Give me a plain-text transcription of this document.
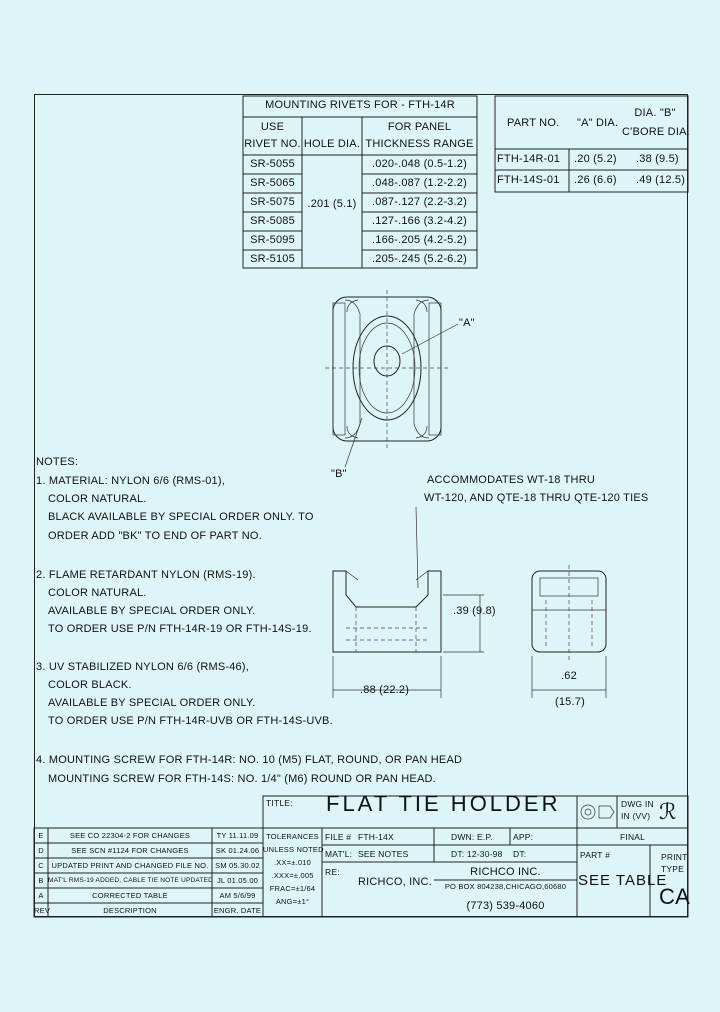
MOUNTING RIVETS FOR - FTH-14R
USE
RIVET NO. HOLE DIA.
FOR PANEL
THICKNESS RANGE
.201 (5.1)
SR-5055	.020-.048 (0.5-1.2)
SR-5065	.048-.087 (1.2-2.2)
SR-5075	.087-.127 (2.2-3.2)
SR-5085	.127-.166 (3.2-4.2)
SR-5095	.166-.205 (4.2-5.2)
SR-5105	.205-.245 (5.2-6.2)
PART NO. "A" DIA.
DIA. "B"
C'BORE DIA.
FTH-14R-01 .20 (5.2) .38 (9.5)
FTH-14S-01 .26 (6.6) .49 (12.5)
"A"
"B"	ACCOMMODATES WT-18 THRU
WT-120, AND QTE-18 THRU QTE-120 TIES
.39 (9.8)
.88 (22.2)
.62
(15.7)
NOTES:
1. MATERIAL: NYLON 6/6 (RMS-01),
COLOR NATURAL.
BLACK AVAILABLE BY SPECIAL ORDER ONLY. TO
ORDER ADD "BK" TO END OF PART NO.
2. FLAME RETARDANT NYLON (RMS-19).
COLOR NATURAL.
AVAILABLE BY SPECIAL ORDER ONLY.
TO ORDER USE P/N FTH-14R-19 OR FTH-14S-19.
3. UV STABILIZED NYLON 6/6 (RMS-46),
COLOR BLACK.
AVAILABLE BY SPECIAL ORDER ONLY.
TO ORDER USE P/N FTH-14R-UVB OR FTH-14S-UVB.
4. MOUNTING SCREW FOR FTH-14R: NO. 10 (M5) FLAT, ROUND, OR PAN HEAD
MOUNTING SCREW FOR FTH-14S: NO. 1/4" (M6) ROUND OR PAN HEAD.
TITLE: FLAT TIE HOLDER	DWG IN
IN (VV) ℛ
FINAL
TOLERANCES
UNLESS NOTED
.XX=±.010
.XXX=±.005
FRAC=±1/64
ANG=±1°
FILE # FTH-14X	DWN: E.P. APP:
MAT'L: SEE NOTES	DT: 12-30-98 DT:
RE:
RICHCO, INC.
RICHCO INC.
PO BOX 804238,CHICAGO,60680
(773) 539-4060
PART #
SEE TABLE
PRINT
TYPE
CA
E	SEE CO 22304-2 FOR CHANGES	TY 11.11.09
D	SEE SCN #1124 FOR CHANGES	SK 01.24.06
C	UPDATED PRINT AND CHANGED FILE NO. SM 05.30.02
B MAT'L RMS-19 ADDED, CABLE TIE NOTE UPDATED JL 01.05.00
A	CORRECTED TABLE	AM 5/6/99
REV	DESCRIPTION	ENGR. DATE
